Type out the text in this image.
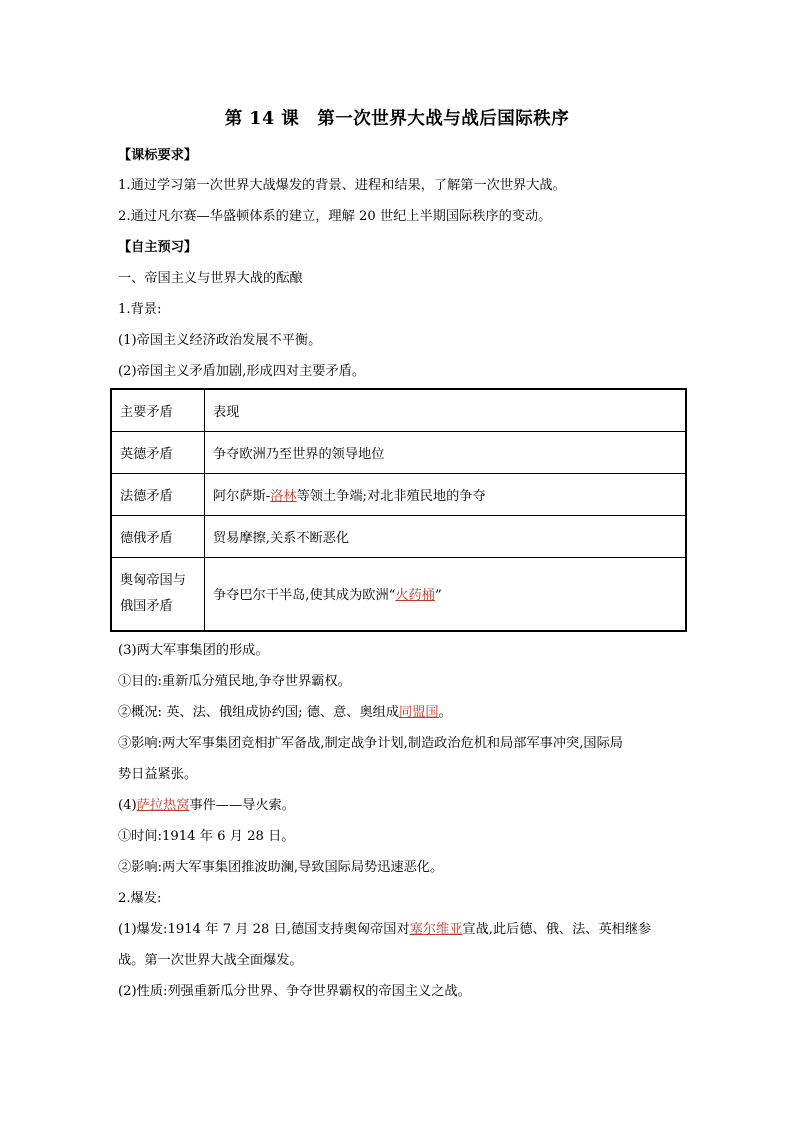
第 14 课　第一次世界大战与战后国际秩序
【课标要求】
1.通过学习第一次世界大战爆发的背景、进程和结果，了解第一次世界大战。
2.通过凡尔赛—华盛顿体系的建立，理解 20 世纪上半期国际秩序的变动。
【自主预习】
一、帝国主义与世界大战的酝酿
1.背景:
(1)帝国主义经济政治发展不平衡。
(2)帝国主义矛盾加剧,形成四对主要矛盾。
主要矛盾	表现
英德矛盾	争夺欧洲乃至世界的领导地位
法德矛盾	阿尔萨斯-洛林等领土争端;对北非殖民地的争夺
德俄矛盾	贸易摩擦,关系不断恶化

奥匈帝国与
俄国矛盾	争夺巴尔干半岛,使其成为欧洲“火药桶”
(3)两大军事集团的形成。
①目的:重新瓜分殖民地,争夺世界霸权。
②概况: 英、法、俄组成协约国; 德、意、奥组成同盟国。
③影响:两大军事集团竞相扩军备战,制定战争计划,制造政治危机和局部军事冲突,国际局
势日益紧张。
(4)萨拉热窝事件——导火索。
①时间:1914 年 6 月 28 日。
②影响:两大军事集团推波助澜,导致国际局势迅速恶化。
2.爆发:
(1)爆发:1914 年 7 月 28 日,德国支持奥匈帝国对塞尔维亚宣战,此后德、俄、法、英相继参
战。第一次世界大战全面爆发。
(2)性质:列强重新瓜分世界、争夺世界霸权的帝国主义之战。
